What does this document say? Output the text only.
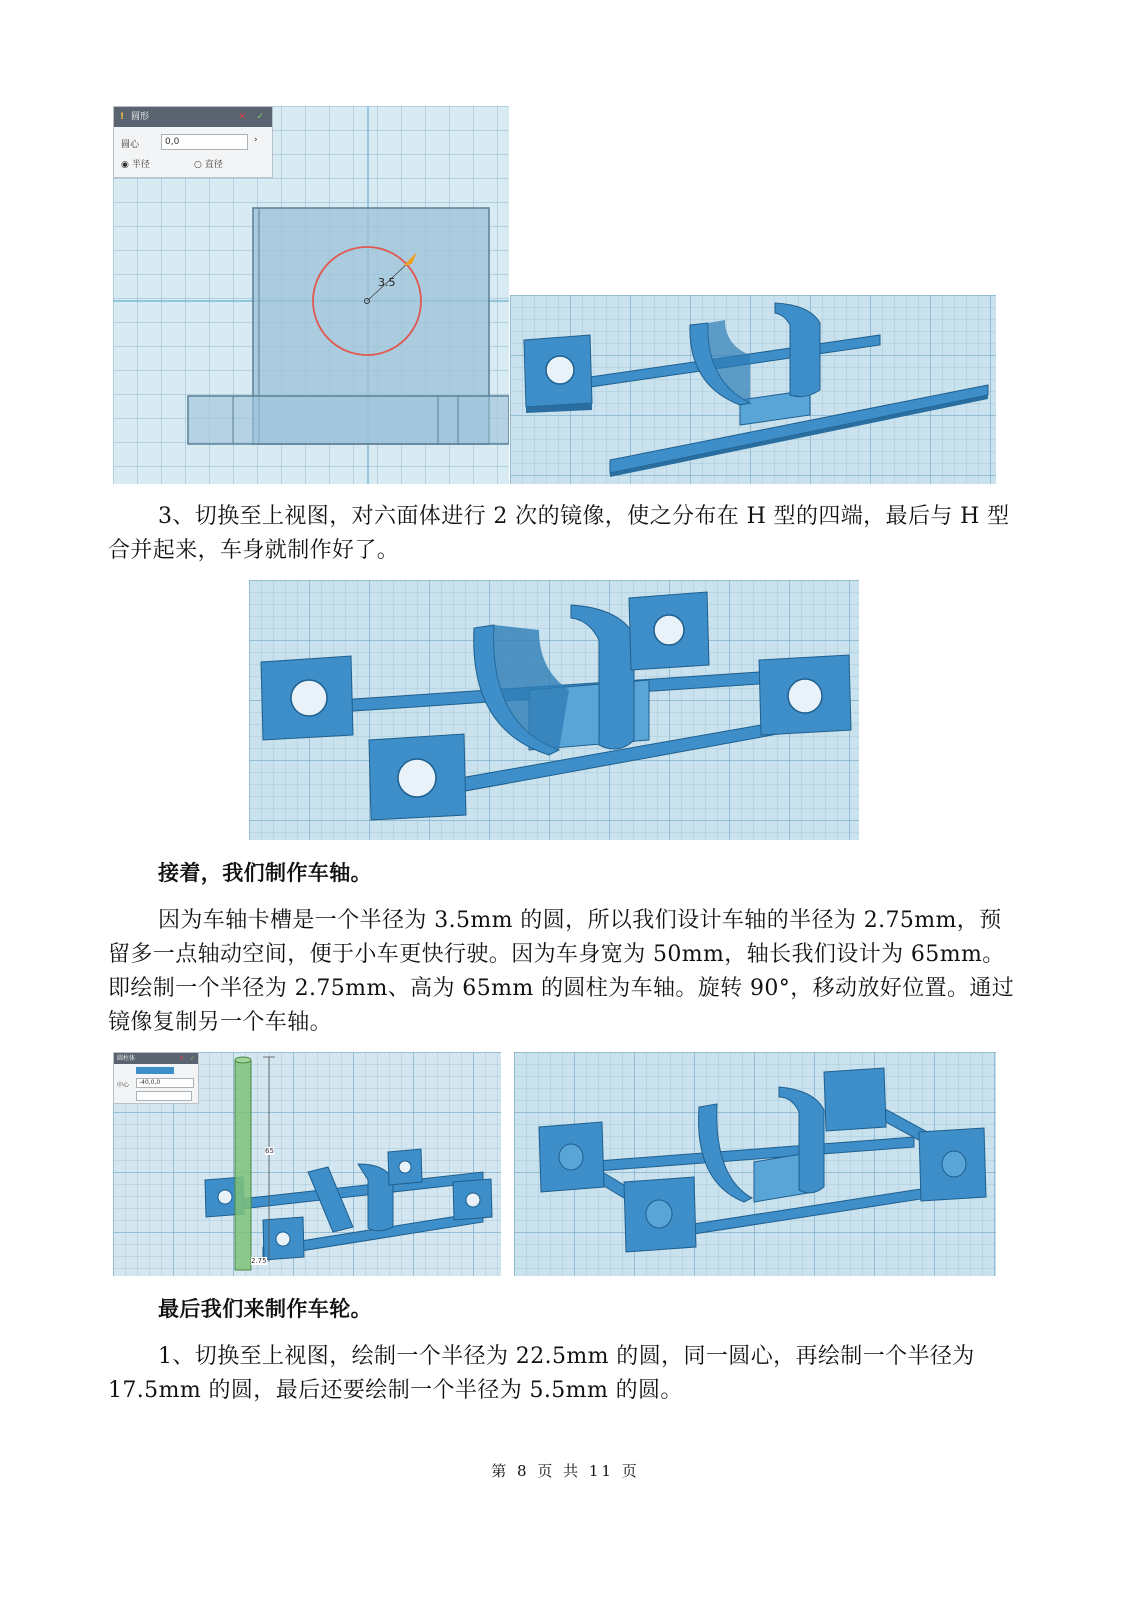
3.5
! 圆形	✕ ✓
圆心	0,0	›
◉ 半径	○ 直径
3、切换至上视图，对六面体进行 2 次的镜像，使之分布在 H 型的四端，最后与 H 型合并起来，车身就制作好了。
接着，我们制作车轴。
因为车轴卡槽是一个半径为 3.5mm 的圆，所以我们设计车轴的半径为 2.75mm，预留多一点轴动空间，便于小车更快行驶。因为车身宽为 50mm，轴长我们设计为 65mm。即绘制一个半径为 2.75mm、高为 65mm 的圆柱为车轴。旋转 90°，移动放好位置。通过镜像复制另一个车轴。
65
2.75
圆柱体	✕ ✓
中心	-40,0,0
最后我们来制作车轮。
1、切换至上视图，绘制一个半径为 22.5mm 的圆，同一圆心，再绘制一个半径为 17.5mm 的圆，最后还要绘制一个半径为 5.5mm 的圆。
第 8 页 共 11 页
